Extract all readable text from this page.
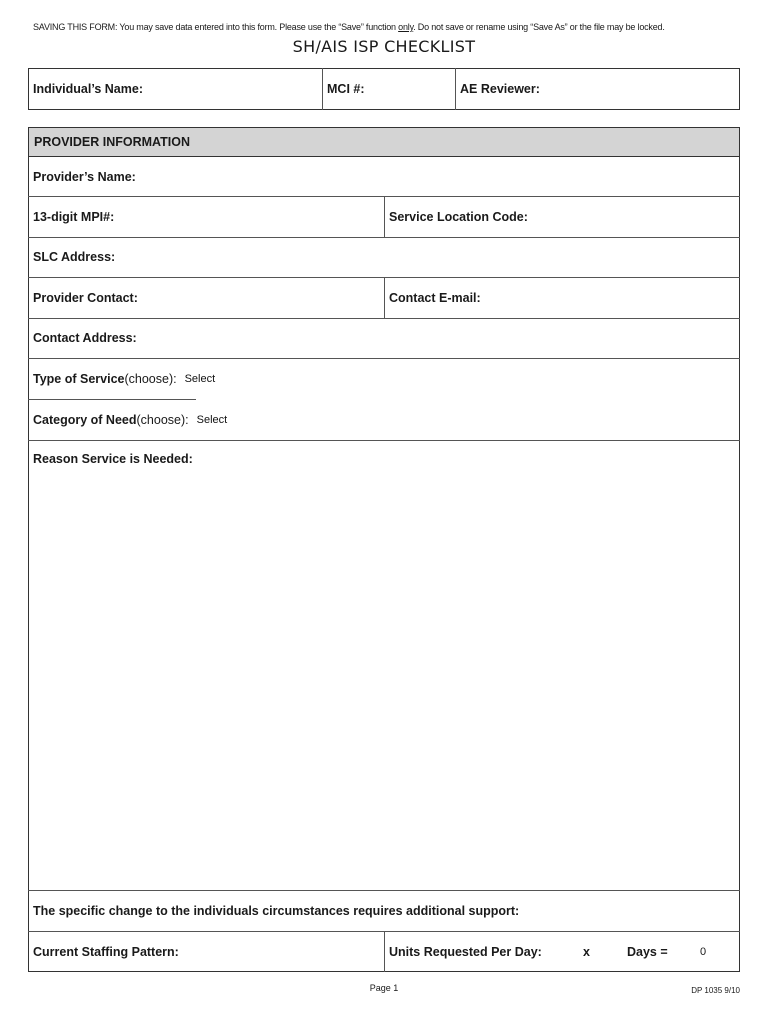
SAVING THIS FORM: You may save data entered into this form. Please use the “Save” function only. Do not save or rename using “Save As” or the file may be locked.
SH/AIS ISP CHECKLIST
Individual’s Name:	MCI #:	AE Reviewer:
PROVIDER INFORMATION
Provider’s Name:
13-digit MPI#:	Service Location Code:
SLC Address:
Provider Contact:	Contact E-mail:
Contact Address:
Type of Service (choose): Select
Category of Need (choose): Select
Reason Service is Needed:
The specific change to the individuals circumstances requires additional support:
Current Staffing Pattern:	Units Requested Per Day:	x	Days =	0
Page 1	DP 1035 9/10
